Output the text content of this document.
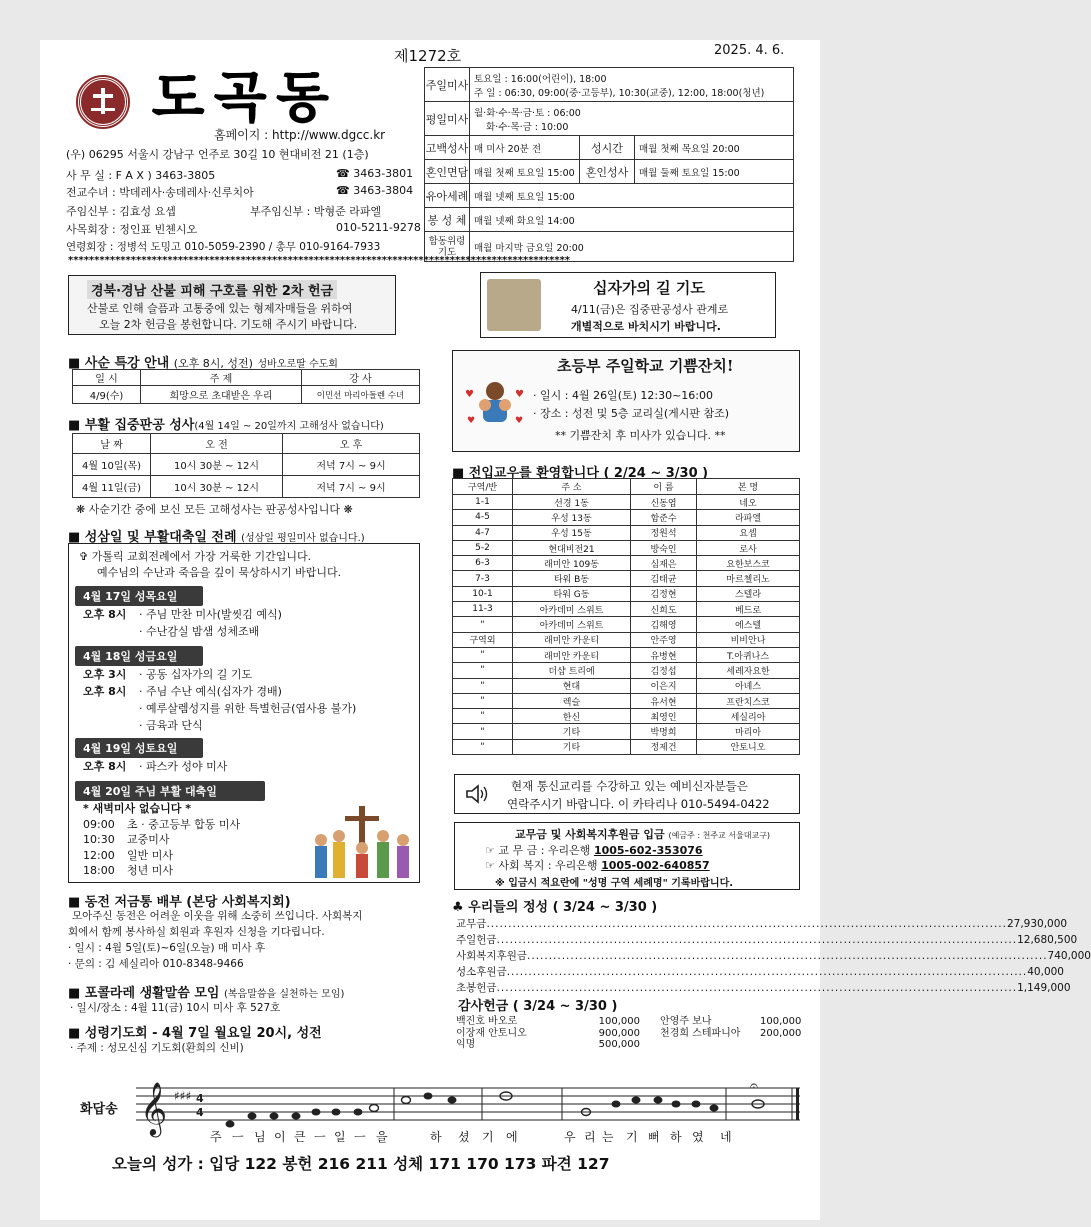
제1272호	2025. 4. 6.
도곡동
홈페이지 : http://www.dgcc.kr
(우) 06295 서울시 강남구 언주로 30길 10 현대비전 21 (1층)
사 무 실 : F A X ) 3463-3805	☎ 3463-3801
전교수녀 : 박데레사·송데레사·신루치아	☎ 3463-3804
주임신부 : 김효성 요셉	부주임신부 : 박형준 라파엘
사목회장 : 정인표 빈첸시오	010-5211-9278
연령회장 : 정병석 도밍고 010-5059-2390 / 총무 010-9164-7933
주일미사	토요일 : 16:00(어린이), 18:00
주 일 : 06:30, 09:00(중·고등부), 10:30(교중), 12:00, 18:00(청년)		

평일미사	월·화·수·목·금·토 : 06:00
화·수·목·금 : 10:00		

고백성사	매 미사 20분 전	성시간	매월 첫째 목요일 20:00
혼인면담	매월 첫째 토요일 15:00	혼인성사	매월 둘째 토요일 15:00
유아세례	매월 넷째 토요일 15:00		
봉 성 체	매월 넷째 화요일 14:00		
합동위령기도	매월 마지막 금요일 20:00		
************************************************************************************************
경북·경남 산불 피해 구호를 위한 2차 헌금
산불로 인해 슬픔과 고통중에 있는 형제자매들을 위하여
오늘 2차 헌금을 봉헌합니다. 기도해 주시기 바랍니다.
십자가의 길 기도
4/11(금)은 집중판공성사 관계로
개별적으로 바치시기 바랍니다.
■ 사순 특강 안내 (오후 8시, 성전) 성바오로딸 수도회
일 시	주 제	강 사
4/9(수)	희망으로 초대받은 우리	이민선 마리아돌렌 수녀
■ 부활 집중판공 성사(4월 14일 ~ 20일까지 고해성사 없습니다)
날 짜	오 전	오 후
4월 10일(목)	10시 30분 ~ 12시	저녁 7시 ~ 9시
4월 11일(금)	10시 30분 ~ 12시	저녁 7시 ~ 9시
❋ 사순기간 중에 보신 모든 고해성사는 판공성사입니다 ❋
■ 성삼일 및 부활대축일 전례 (성삼일 평일미사 없습니다.)
✞ 가톨릭 교회전례에서 가장 거룩한 기간입니다.
예수님의 수난과 죽음을 깊이 묵상하시기 바랍니다.
4월 17일 성목요일
오후 8시 · 주님 만찬 미사(발씻김 예식)
· 수난감실 밤샘 성체조배
4월 18일 성금요일
오후 3시 · 공동 십자가의 길 기도
오후 8시 · 주님 수난 예식(십자가 경배)
· 예루살렘성지를 위한 특별헌금(엽사용 불가)
· 금육과 단식
4월 19일 성토요일
오후 8시 · 파스카 성야 미사
4월 20일 주님 부활 대축일
* 새벽미사 없습니다 *
09:00 초 · 중고등부 합동 미사
10:30 교중미사
12:00 일반 미사
18:00 청년 미사
■ 동전 저금통 배부 (본당 사회복지회)
모아주신 동전은 어려운 이웃을 위해 소중히 쓰입니다. 사회복지
회에서 함께 봉사하실 회원과 후원자 신청을 기다립니다.
· 일시 : 4월 5일(토)~6일(오늘) 매 미사 후
· 문의 : 김 세실리아 010-8348-9466
■ 포콜라레 생활말씀 모임 (복음말씀을 실천하는 모임)
· 일시/장소 : 4월 11(금) 10시 미사 후 527호
■ 성령기도회 - 4월 7일 월요일 20시, 성전
· 주제 : 성모신심 기도회(환희의 신비)
초등부 주일학교 기쁨잔치!
♥	♥
♥	♥
· 일시 : 4월 26일(토) 12:30~16:00
· 장소 : 성전 및 5층 교리실(게시판 참조)
** 기쁨잔치 후 미사가 있습니다. **
■ 전입교우를 환영합니다 ( 2/24 ~ 3/30 )
구역/반	주 소	이 름	본 명
1-1	선경 1동	신동엽	네오
4-5	우성 13동	함준수	라파엘
4-7	우성 15동	정원석	요셉
5-2	현대비전21	방숙인	로사
6-3	래미안 109동	심재은	요한보스코
7-3	타워 B동	김태균	마르첼리노
10-1	타워 G동	김정현	스텔라
11-3	아카데미 스위트	신희도	베드로
"	아카데미 스위트	김해영	에스텔
구역외	래미안 카운티	안주영	비비안나
"	래미안 카운티	유병현	T.아퀴나스
"	더샵 트리에	김정섭	세례자요한
"	현대	이은지	아녜스
"	렉슬	유서현	프란치스코
"	한신	최영인	세실리아
"	기타	박명희	마리아
"	기타	정제건	안토니오
현재 통신교리를 수강하고 있는 예비신자분들은
연락주시기 바랍니다. 이 카타리나 010-5494-0422
교무금 및 사회복지후원금 입금 (예금주 : 천주교 서울대교구)
☞ 교 무 금 : 우리은행 1005-602-353076
☞ 사회 복지 : 우리은행 1005-002-640857
※ 입금시 적요란에 "성명 구역 세례명" 기록바랍니다.
♣ 우리들의 정성 ( 3/24 ~ 3/30 )
교무금 ........................................................................................................................ 27,930,000
주일헌금 ........................................................................................................................ 12,680,500
사회복지후원금 ........................................................................................................................ 740,000
성소후원금 ........................................................................................................................ 40,000
초봉헌금 ........................................................................................................................ 1,149,000
감사헌금 ( 3/24 ~ 3/30 )
백진호 바오로	100,000	안영주 보나	100,000
이장재 안토니오	900,000	천경희 스테파니아	200,000
익명	500,000
화답송 𝄞 ♯♯♯ 4
4
𝄐
주 ㅡ 님 이 큰 ㅡ 일 ㅡ 을	하 셨 기 에	우 리 는 기 뻐 하 였 네
오늘의 성가 : 입당 122 봉헌 216 211 성체 171 170 173 파견 127
